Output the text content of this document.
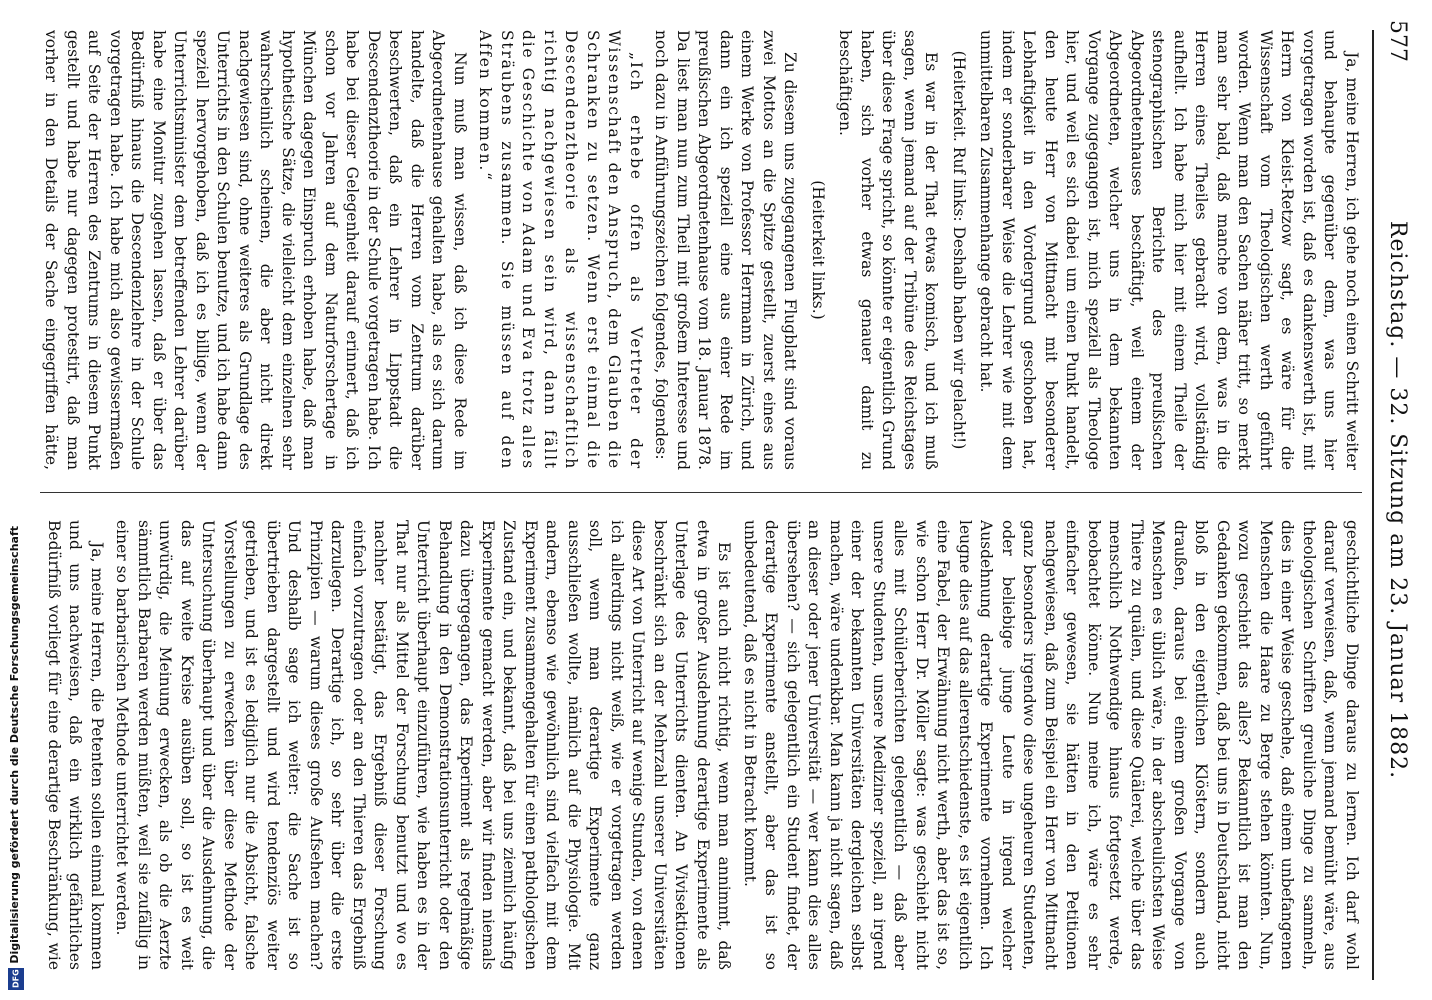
577
Reichstag. — 32. Sitzung am 23. Januar 1882.

Ja, meine Herren, ich gehe noch einen Schritt weiter und behaupte gegenüber dem, was uns hier vorgetragen worden ist, daß es dankenswerth ist, mit Herrn von Kleist-Retzow sagt, es wäre für die Wissenschaft vom Theologischen werth geführt worden. Wenn man den Sachen näher tritt, so merkt man sehr bald, daß manche von dem, was in die Herren eines Theiles gebracht wird, vollständig aufhellt. Ich habe mich hier mit einem Theile der stenographischen Berichte des preußischen Abgeordnetenhauses beschäftigt, weil einem der Abgeordneten, welcher uns in dem bekannten Vorgange zugegangen ist, mich speziell als Theologe hier, und weil es sich dabei um einen Punkt handelt, den heute Herr von Mittnacht mit besonderer Lebhaftigkeit in den Vordergrund geschoben hat, indem er sonderbarer Weise die Lehrer wie mit dem unmittelbaren Zusammenhange gebracht hat.

(Heiterkeit. Ruf links: Deshalb haben wir gelacht!)

Es war in der That etwas komisch, und ich muß sagen, wenn jemand auf der Tribüne des Reichstages über diese Frage spricht, so könnte er eigentlich Grund haben, sich vorher etwas genauer damit zu beschäftigen.

(Heiterkeit links.)

Zu diesem uns zugegangenen Flugblatt sind voraus zwei Mottos an die Spitze gestellt, zuerst eines aus einem Werke von Professor Herrmann in Zürich, und dann ein ich speziell eine aus einer Rede im preußischen Abgeordnetenhause vom 18. Januar 1878. Da liest man nun zum Theil mit großem Interesse und noch dazu in Anführungszeichen folgendes, folgendes:

„Ich erhebe offen als Vertreter der Wissenschaft den Anspruch, dem Glauben die Schranken zu setzen. Wenn erst einmal die Descendenztheorie als wissenschaftlich richtig nachgewiesen sein wird, dann fällt die Geschichte von Adam und Eva trotz alles Sträubens zusammen. Sie müssen auf den Affen kommen.“

Nun muß man wissen, daß ich diese Rede im Abgeordnetenhause gehalten habe, als es sich darum handelte, daß die Herren vom Zentrum darüber beschwerten, daß ein Lehrer in Lippstadt die Descendenztheorie in der Schule vorgetragen habe. Ich habe bei dieser Gelegenheit darauf erinnert, daß ich schon vor Jahren auf dem Naturforschertage in München dagegen Einspruch erhoben habe, daß man hypothetische Sätze, die vielleicht dem einzelnen sehr wahrscheinlich scheinen, die aber nicht direkt nachgewiesen sind, ohne weiteres als Grundlage des Unterrichts in den Schulen benutze, und ich habe dann speziell hervorgehoben, daß ich es billige, wenn der Unterrichtsminister dem betreffenden Lehrer darüber habe eine Monitur zugehen lassen, daß er über das Bedürfniß hinaus die Descendenzlehre in der Schule vorgetragen habe. Ich habe mich also gewissermaßen auf Seite der Herren des Zentrums in diesem Punkt gestellt und habe nur dagegen protestirt, daß man vorher in den Details der Sache eingegriffen hätte,

geschichtliche Dinge daraus zu lernen. Ich darf wohl darauf verweisen, daß, wenn jemand bemüht wäre, aus theologischen Schriften greuliche Dinge zu sammeln, dies in einer Weise geschehe, daß einem unbefangenen Menschen die Haare zu Berge stehen könnten. Nun, wozu geschieht das alles? Bekanntlich ist man den Gedanken gekommen, daß bei uns in Deutschland, nicht bloß in den eigentlichen Klöstern, sondern auch draußen, daraus bei einem großen Vorgange von Menschen es üblich wäre, in der abscheulichsten Weise Thiere zu quälen, und diese Quälerei, welche über das menschlich Nothwendige hinaus fortgesetzt werde, beobachtet könne. Nun meine ich, wäre es sehr einfacher gewesen, sie hätten in den Petitionen nachgewiesen, daß zum Beispiel ein Herr von Mittnacht ganz besonders irgendwo diese ungeheuren Studenten, oder beliebige junge Leute in irgend welcher Ausdehnung derartige Experimente vornehmen. Ich leugne dies auf das allerentschiedenste, es ist eigentlich eine Fabel, der Erwähnung nicht werth, aber das ist so, wie schon Herr Dr. Möller sagte: was geschieht nicht alles mit Schülerberichten gelegentlich — daß aber unsere Studenten, unsere Mediziner speziell, an irgend einer der bekannten Universitäten dergleichen selbst machen, wäre undenkbar. Man kann ja nicht sagen, daß an dieser oder jener Universität — wer kann dies alles übersehen? — sich gelegentlich ein Student findet, der derartige Experimente anstellt, aber das ist so unbedeutend, daß es nicht in Betracht kommt.

Es ist auch nicht richtig, wenn man annimmt, daß etwa in großer Ausdehnung derartige Experimente als Unterlage des Unterrichts dienten. An Vivisektionen beschränkt sich an der Mehrzahl unserer Universitäten diese Art von Unterricht auf wenige Stunden, von denen ich allerdings nicht weiß, wie er vorgetragen werden soll, wenn man derartige Experimente ganz ausschließen wollte, nämlich auf die Physiologie. Mit andern, ebenso wie gewöhnlich sind vielfach mit dem Experiment zusammengehalten für einen pathologischen Zustand ein, und bekannt, daß bei uns ziemlich häufig Experimente gemacht werden, aber wir finden niemals dazu übergegangen, das Experiment als regelmäßige Behandlung in den Demonstrationsunterricht oder den Unterricht überhaupt einzuführen, wie haben es in der That nur als Mittel der Forschung benutzt und wo es nachher bestätigt, das Ergebniß dieser Forschung einfach vorzutragen oder an den Thieren das Ergebniß darzulegen. Derartige ich, so sehr über die erste Prinzipien — warum dieses große Aufsehen machen? Und deshalb sage ich weiter: die Sache ist so übertrieben dargestellt und wird tendenziös weiter getrieben, und ist es lediglich nur die Absicht, falsche Vorstellungen zu erwecken über diese Methode der Untersuchung überhaupt und über die Ausdehnung, die das auf weite Kreise ausüben soll, so ist es weit unwürdig, die Meinung erwecken, als ob die Aerzte sämmtlich Barbaren werden müßten, weil sie zufällig in einer so barbarischen Methode unterrichtet werden.

Ja, meine Herren, die Petenten sollen einmal kommen und uns nachweisen, daß ein wirklich gefährliches Bedürfniß vorliegt für eine derartige Beschränkung, wie

Digitalisierung gefördert durch die Deutsche Forschungsgemeinschaft
DFG
